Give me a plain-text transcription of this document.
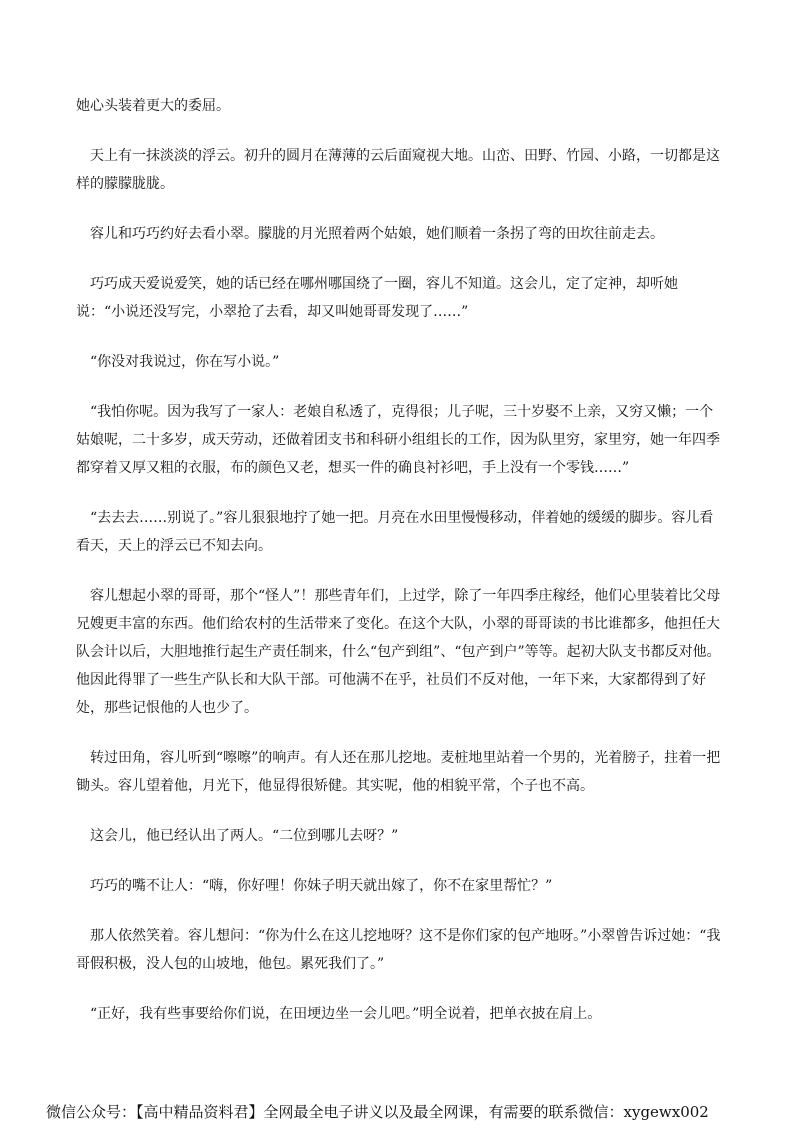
她心头装着更大的委屈。

天上有一抹淡淡的浮云。初升的圆月在薄薄的云后面窥视大地。山峦、田野、竹园、小路，一切都是这样的朦朦胧胧。

容儿和巧巧约好去看小翠。朦胧的月光照着两个姑娘，她们顺着一条拐了弯的田坎往前走去。

巧巧成天爱说爱笑，她的话已经在哪州哪国绕了一圈，容儿不知道。这会儿，定了定神，却听她说：“小说还没写完，小翠抢了去看，却又叫她哥哥发现了……”

“你没对我说过，你在写小说。”

“我怕你呢。因为我写了一家人：老娘自私透了，克得很；儿子呢，三十岁娶不上亲，又穷又懒；一个姑娘呢，二十多岁，成天劳动，还做着团支书和科研小组组长的工作，因为队里穷，家里穷，她一年四季都穿着又厚又粗的衣服，布的颜色又老，想买一件的确良衬衫吧，手上没有一个零钱……”

“去去去……别说了。”容儿狠狠地拧了她一把。月亮在水田里慢慢移动，伴着她的缓缓的脚步。容儿看看天，天上的浮云已不知去向。

容儿想起小翠的哥哥，那个“怪人”！那些青年们，上过学，除了一年四季庄稼经，他们心里装着比父母兄嫂更丰富的东西。他们给农村的生活带来了变化。在这个大队，小翠的哥哥读的书比谁都多，他担任大队会计以后，大胆地推行起生产责任制来，什么“包产到组”、“包产到户”等等。起初大队支书都反对他。他因此得罪了一些生产队长和大队干部。可他满不在乎，社员们不反对他，一年下来，大家都得到了好处，那些记恨他的人也少了。

转过田角，容儿听到“嚓嚓”的响声。有人还在那儿挖地。麦桩地里站着一个男的，光着膀子，拄着一把锄头。容儿望着他，月光下，他显得很矫健。其实呢，他的相貌平常，个子也不高。

这会儿，他已经认出了两人。“二位到哪儿去呀？”

巧巧的嘴不让人：“嗨，你好哩！你妹子明天就出嫁了，你不在家里帮忙？”

那人依然笑着。容儿想问：“你为什么在这儿挖地呀？这不是你们家的包产地呀。”小翠曾告诉过她：“我哥假积极，没人包的山坡地，他包。累死我们了。”

“正好，我有些事要给你们说，在田埂边坐一会儿吧。”明全说着，把单衣披在肩上。

微信公众号：【高中精品资料君】全网最全电子讲义以及最全网课，有需要的联系微信：xygewx002
